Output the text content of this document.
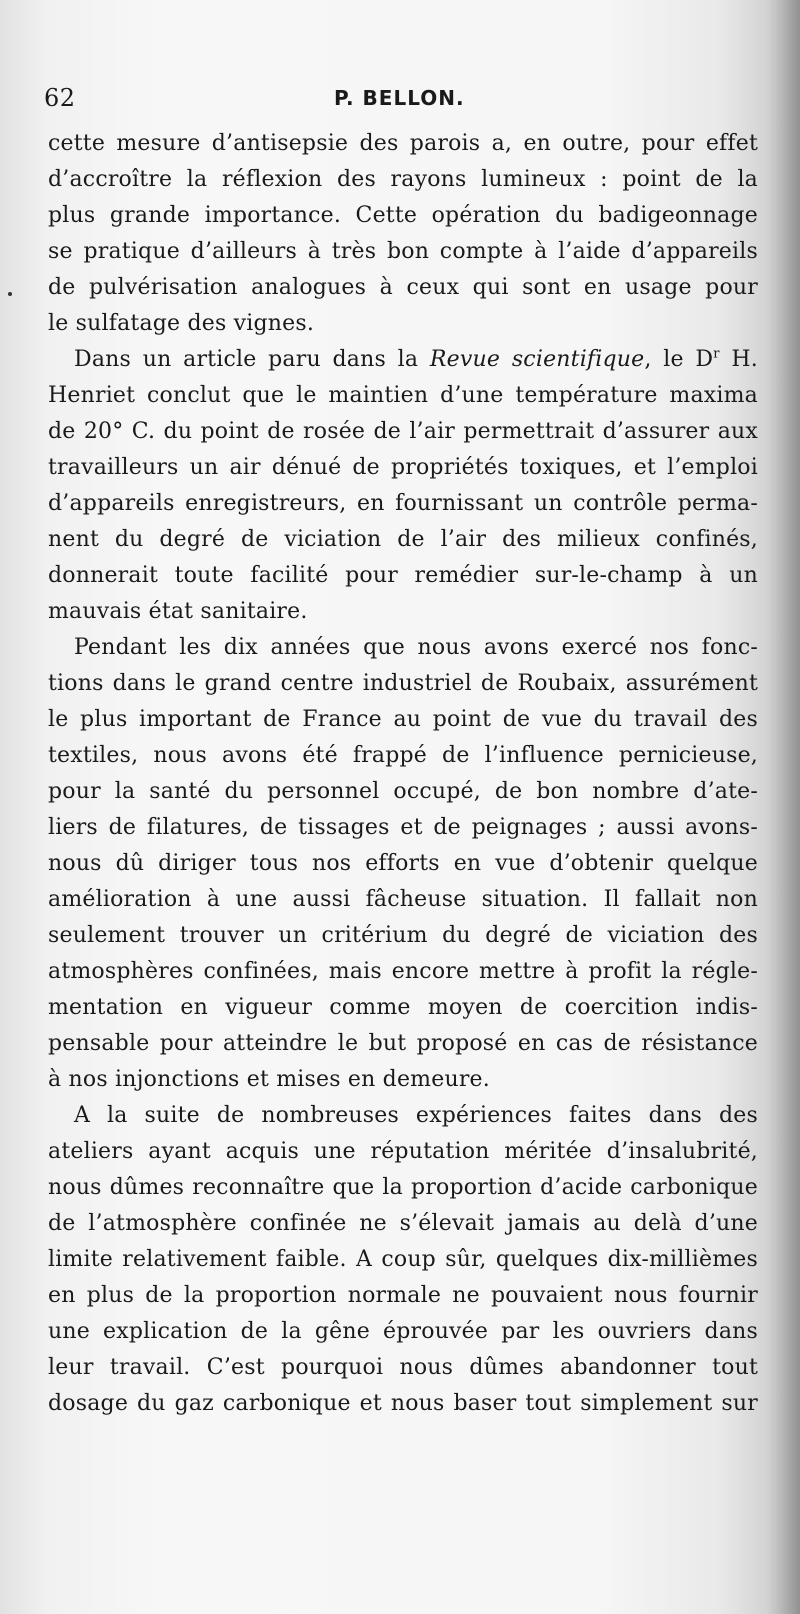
62	P. BELLON.
cette mesure d’antisepsie des parois a, en outre, pour effet
d’accroître la réflexion des rayons lumineux : point de la
plus grande importance. Cette opération du badigeonnage
se pratique d’ailleurs à très bon compte à l’aide d’appareils
de pulvérisation analogues à ceux qui sont en usage pour
le sulfatage des vignes.
Dans un article paru dans la Revue scientifique, le $D^r$ H.
Henriet conclut que le maintien d’une température maxima
de 20° C. du point de rosée de l’air permettrait d’assurer aux
travailleurs un air dénué de propriétés toxiques, et l’emploi
d’appareils enregistreurs, en fournissant un contrôle perma-
nent du degré de viciation de l’air des milieux confinés,
donnerait toute facilité pour remédier sur-le-champ à un
mauvais état sanitaire.
Pendant les dix années que nous avons exercé nos fonc-
tions dans le grand centre industriel de Roubaix, assurément
le plus important de France au point de vue du travail des
textiles, nous avons été frappé de l’influence pernicieuse,
pour la santé du personnel occupé, de bon nombre d’ate-
liers de filatures, de tissages et de peignages ; aussi avons-
nous dû diriger tous nos efforts en vue d’obtenir quelque
amélioration à une aussi fâcheuse situation. Il fallait non
seulement trouver un critérium du degré de viciation des
atmosphères confinées, mais encore mettre à profit la régle-
mentation en vigueur comme moyen de coercition indis-
pensable pour atteindre le but proposé en cas de résistance
à nos injonctions et mises en demeure.
A la suite de nombreuses expériences faites dans des
ateliers ayant acquis une réputation méritée d’insalubrité,
nous dûmes reconnaître que la proportion d’acide carbonique
de l’atmosphère confinée ne s’élevait jamais au delà d’une
limite relativement faible. A coup sûr, quelques dix-millièmes
en plus de la proportion normale ne pouvaient nous fournir
une explication de la gêne éprouvée par les ouvriers dans
leur travail. C’est pourquoi nous dûmes abandonner tout
dosage du gaz carbonique et nous baser tout simplement sur
